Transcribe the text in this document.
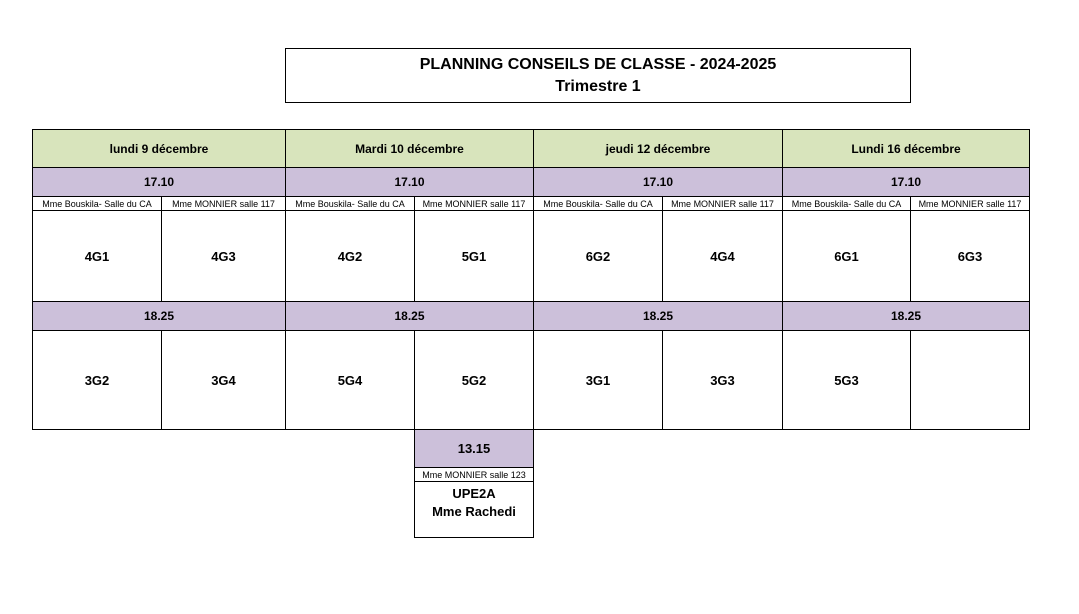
PLANNING CONSEILS DE CLASSE - 2024-2025
Trimestre 1
lundi 9 décembre
17.10
Mme Bouskila- Salle du CA	Mme MONNIER salle 117
4G1	4G3
18.25
3G2	3G4
Mardi 10 décembre
17.10
Mme Bouskila- Salle du CA	Mme MONNIER salle 117
4G2	5G1
18.25
5G4	5G2
jeudi 12 décembre
17.10
Mme Bouskila- Salle du CA	Mme MONNIER salle 117
6G2	4G4
18.25
3G1	3G3
Lundi 16 décembre
17.10
Mme Bouskila- Salle du CA	Mme MONNIER salle 117
6G1	6G3
18.25
5G3
13.15
Mme MONNIER salle 123
UPE2A
Mme Rachedi
